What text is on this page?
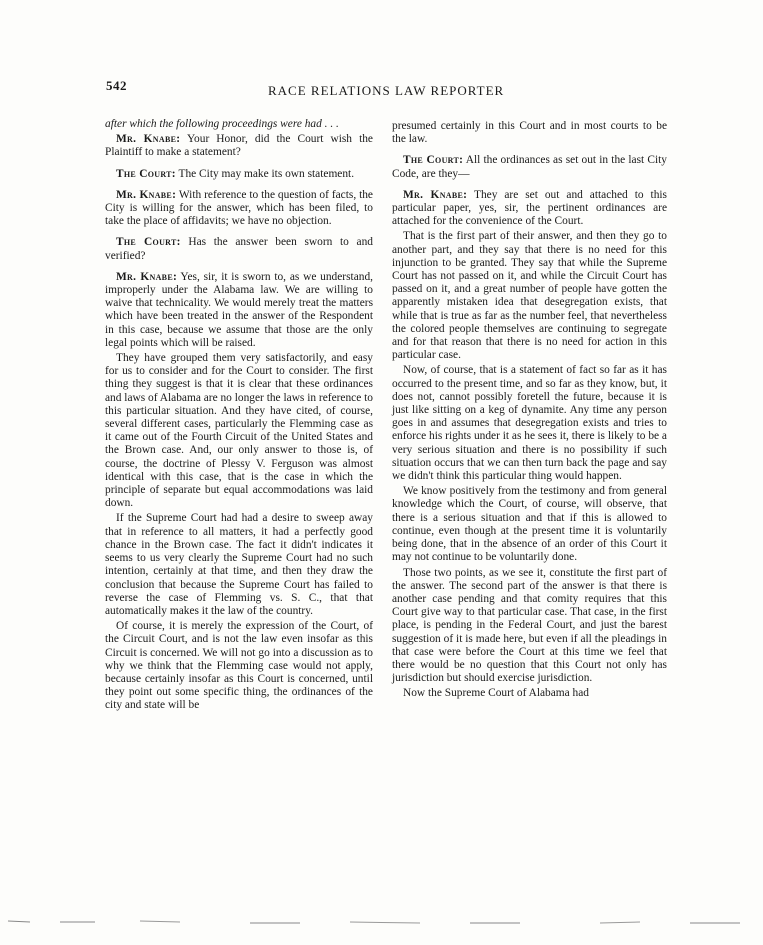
542	RACE RELATIONS LAW REPORTER

after which the following proceedings were had . . .

Mr. Knabe: Your Honor, did the Court wish the Plaintiff to make a statement?

The Court: The City may make its own statement.

Mr. Knabe: With reference to the question of facts, the City is willing for the answer, which has been filed, to take the place of affidavits; we have no objection.

The Court: Has the answer been sworn to and verified?

Mr. Knabe: Yes, sir, it is sworn to, as we understand, improperly under the Alabama law. We are willing to waive that technicality. We would merely treat the matters which have been treated in the answer of the Respondent in this case, because we assume that those are the only legal points which will be raised.

They have grouped them very satisfactorily, and easy for us to consider and for the Court to consider. The first thing they suggest is that it is clear that these ordinances and laws of Alabama are no longer the laws in reference to this particular situation. And they have cited, of course, several different cases, particularly the Flemming case as it came out of the Fourth Circuit of the United States and the Brown case. And, our only answer to those is, of course, the doctrine of Plessy V. Ferguson was almost identical with this case, that is the case in which the principle of separate but equal accommodations was laid down.

If the Supreme Court had had a desire to sweep away that in reference to all matters, it had a perfectly good chance in the Brown case. The fact it didn't indicates it seems to us very clearly the Supreme Court had no such intention, certainly at that time, and then they draw the conclusion that because the Supreme Court has failed to reverse the case of Flemming vs. S. C., that that automatically makes it the law of the country.

Of course, it is merely the expression of the Court, of the Circuit Court, and is not the law even insofar as this Circuit is concerned. We will not go into a discussion as to why we think that the Flemming case would not apply, because certainly insofar as this Court is concerned, until they point out some specific thing, the ordinances of the city and state will be

presumed certainly in this Court and in most courts to be the law.

The Court: All the ordinances as set out in the last City Code, are they—

Mr. Knabe: They are set out and attached to this particular paper, yes, sir, the pertinent ordinances are attached for the convenience of the Court.

That is the first part of their answer, and then they go to another part, and they say that there is no need for this injunction to be granted. They say that while the Supreme Court has not passed on it, and while the Circuit Court has passed on it, and a great number of people have gotten the apparently mistaken idea that desegregation exists, that while that is true as far as the number feel, that nevertheless the colored people themselves are continuing to segregate and for that reason that there is no need for action in this particular case.

Now, of course, that is a statement of fact so far as it has occurred to the present time, and so far as they know, but, it does not, cannot possibly foretell the future, because it is just like sitting on a keg of dynamite. Any time any person goes in and assumes that desegregation exists and tries to enforce his rights under it as he sees it, there is likely to be a very serious situation and there is no possibility if such situation occurs that we can then turn back the page and say we didn't think this particular thing would happen.

We know positively from the testimony and from general knowledge which the Court, of course, will observe, that there is a serious situation and that if this is allowed to continue, even though at the present time it is voluntarily being done, that in the absence of an order of this Court it may not continue to be voluntarily done.

Those two points, as we see it, constitute the first part of the answer. The second part of the answer is that there is another case pending and that comity requires that this Court give way to that particular case. That case, in the first place, is pending in the Federal Court, and just the barest suggestion of it is made here, but even if all the pleadings in that case were before the Court at this time we feel that there would be no question that this Court not only has jurisdiction but should exercise jurisdiction.

Now the Supreme Court of Alabama had
